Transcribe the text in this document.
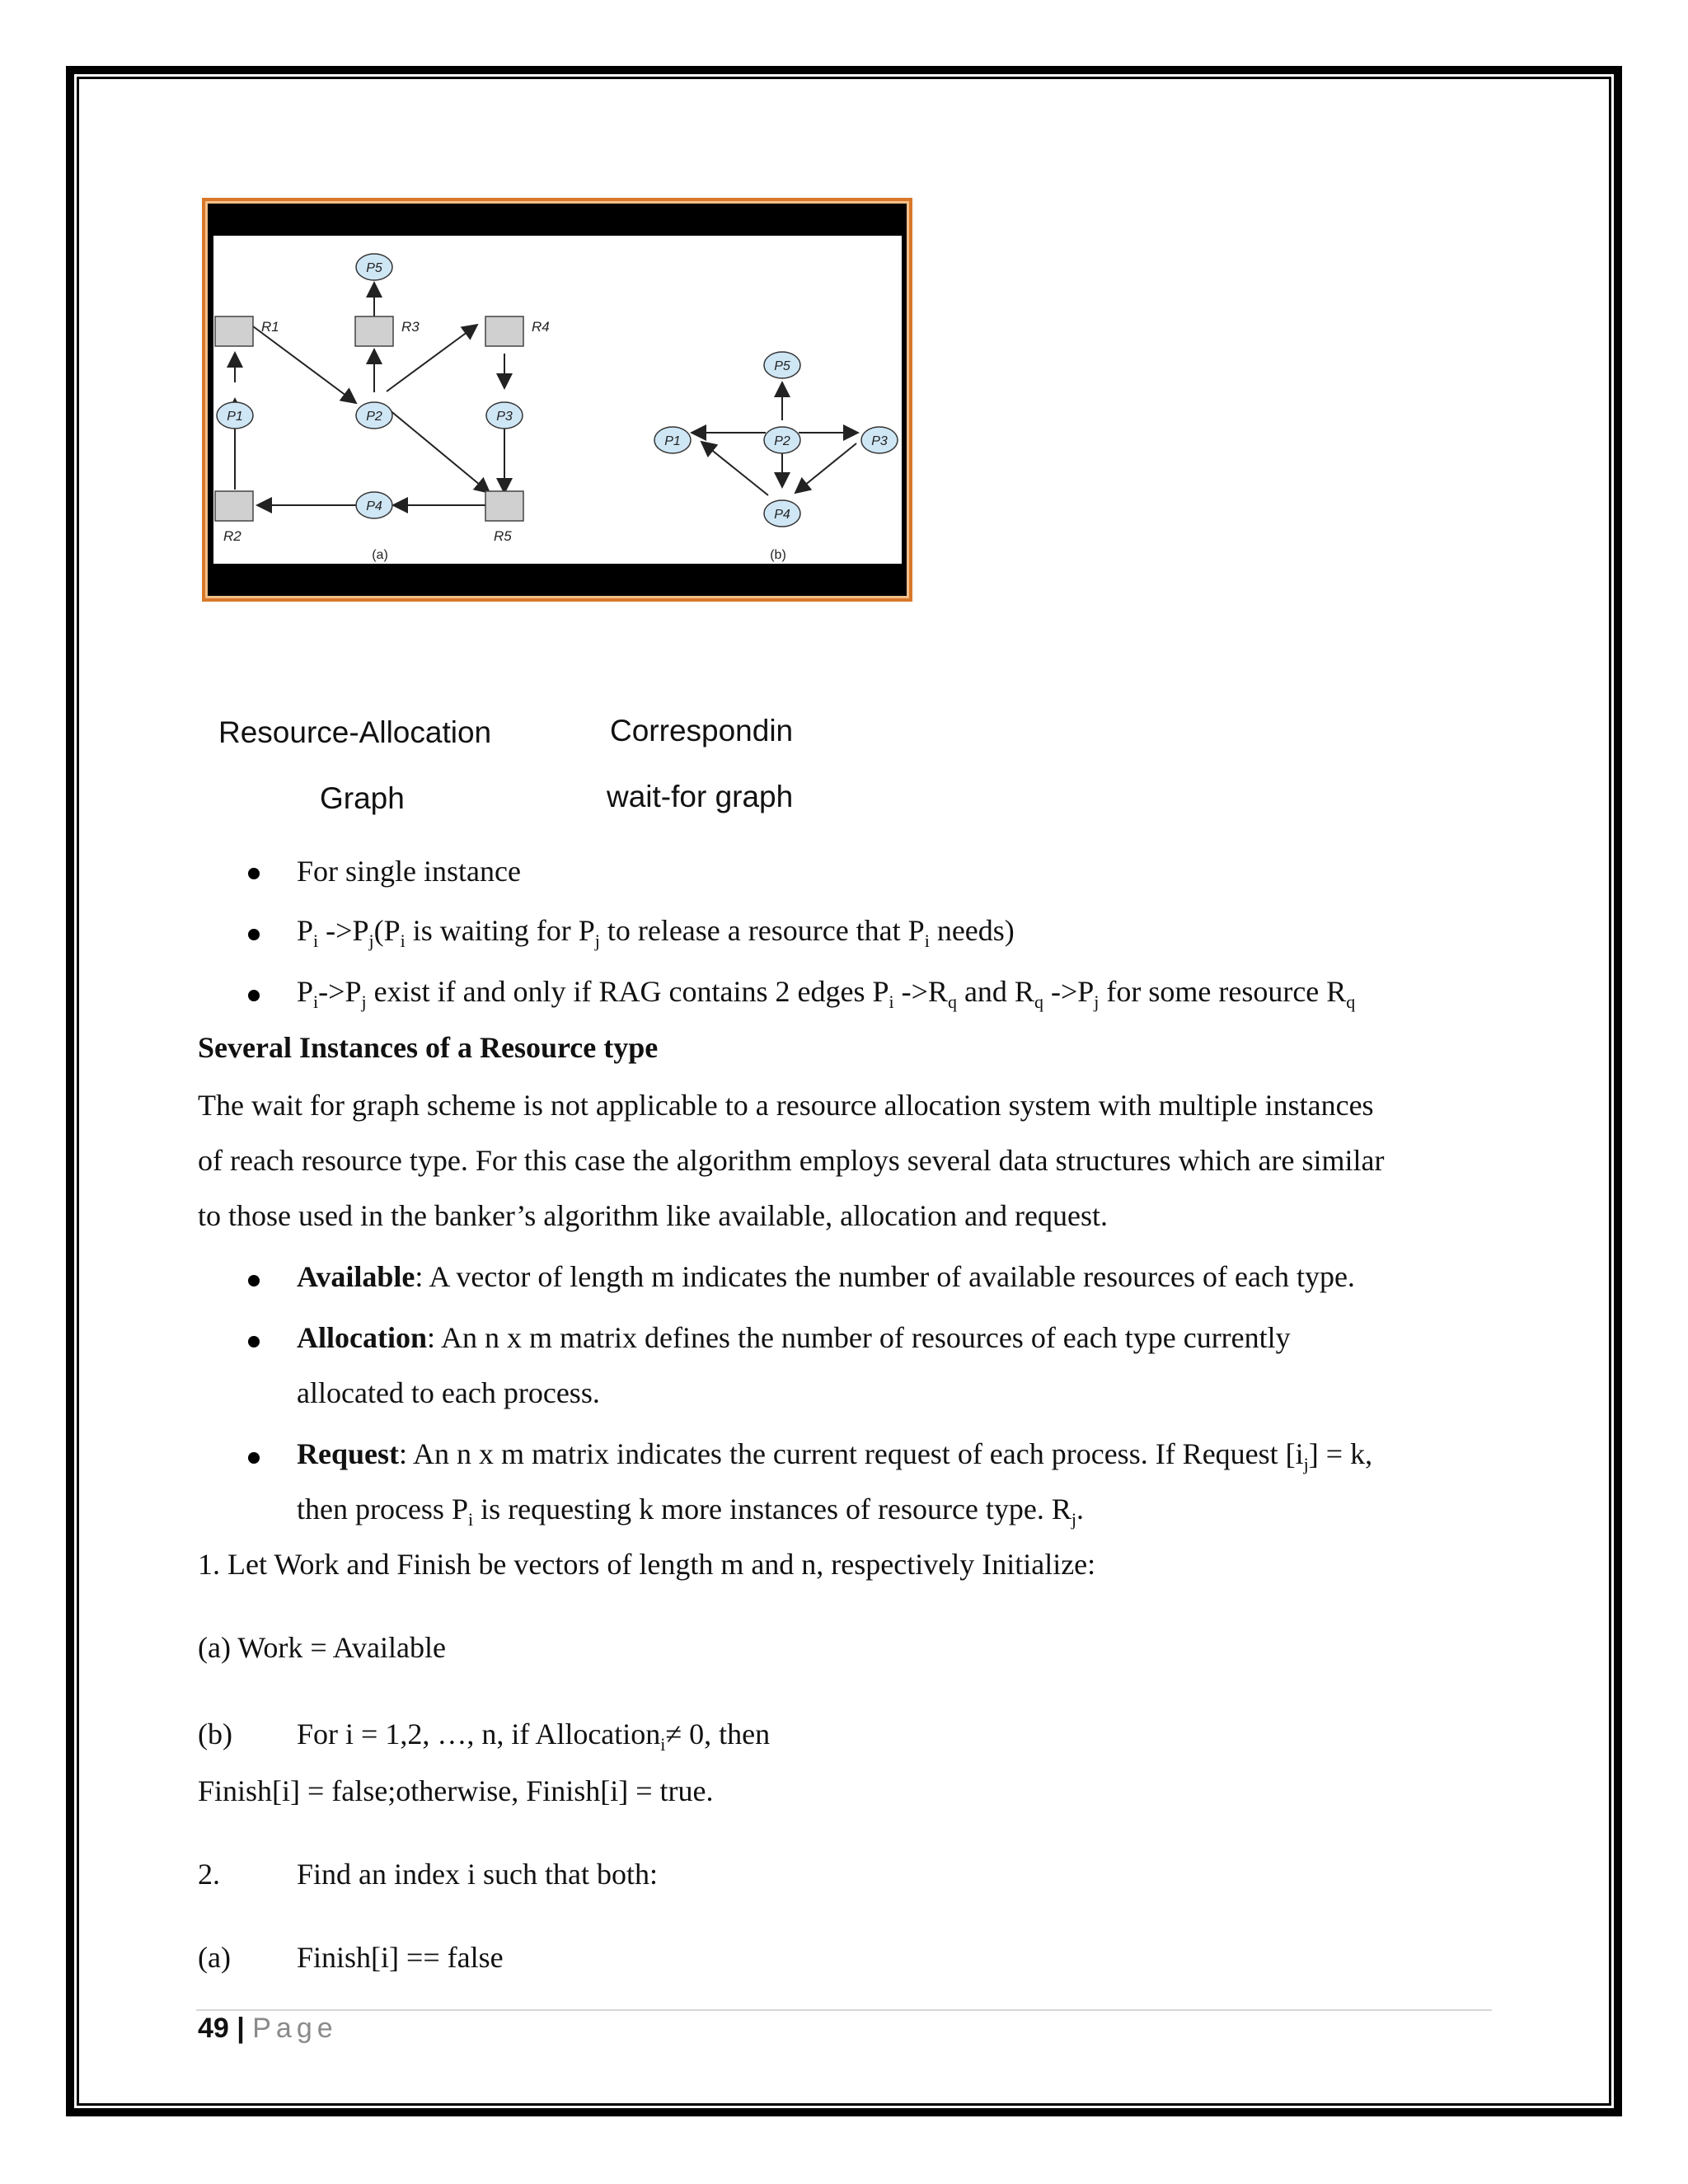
P5
P1	P2	P3
P4
P5
P1	P2	P3
P4
R1	R3	R4
R2	R5
(a)	(b)
Resource-Allocation
Graph
Correspondin
wait-for graph
For single instance
$P_i$ $->P_j(P_i$ is waiting for $P_j$ to release a resource that $P_i$ needs)
$P_i->P_j$ exist if and only if RAG contains 2 edges $P_i$ $->R_q$ and $R_q$ $->P_j$ for some resource $R_q$
Several Instances of a Resource type
The wait for graph scheme is not applicable to a resource allocation system with multiple instances
of reach resource type. For this case the algorithm employs several data structures which are similar
to those used in the banker’s algorithm like available, allocation and request.
Available: A vector of length m indicates the number of available resources of each type.
Allocation: An n x m matrix defines the number of resources of each type currently
allocated to each process.
Request: An n x m matrix indicates the current request of each process. If Request $[i_j] = k$,
then process $P_i$ is requesting k more instances of resource type. $R_j$.
1. Let Work and Finish be vectors of length m and n, respectively Initialize:
(a) Work = Available
(b) For i = 1,2, …, n, if Allocation$_i$≠ 0, then
Finish[i] = false;otherwise, Finish[i] = true.
2.	Find an index i such that both:
(a) Finish[i] == false
49 | Page
